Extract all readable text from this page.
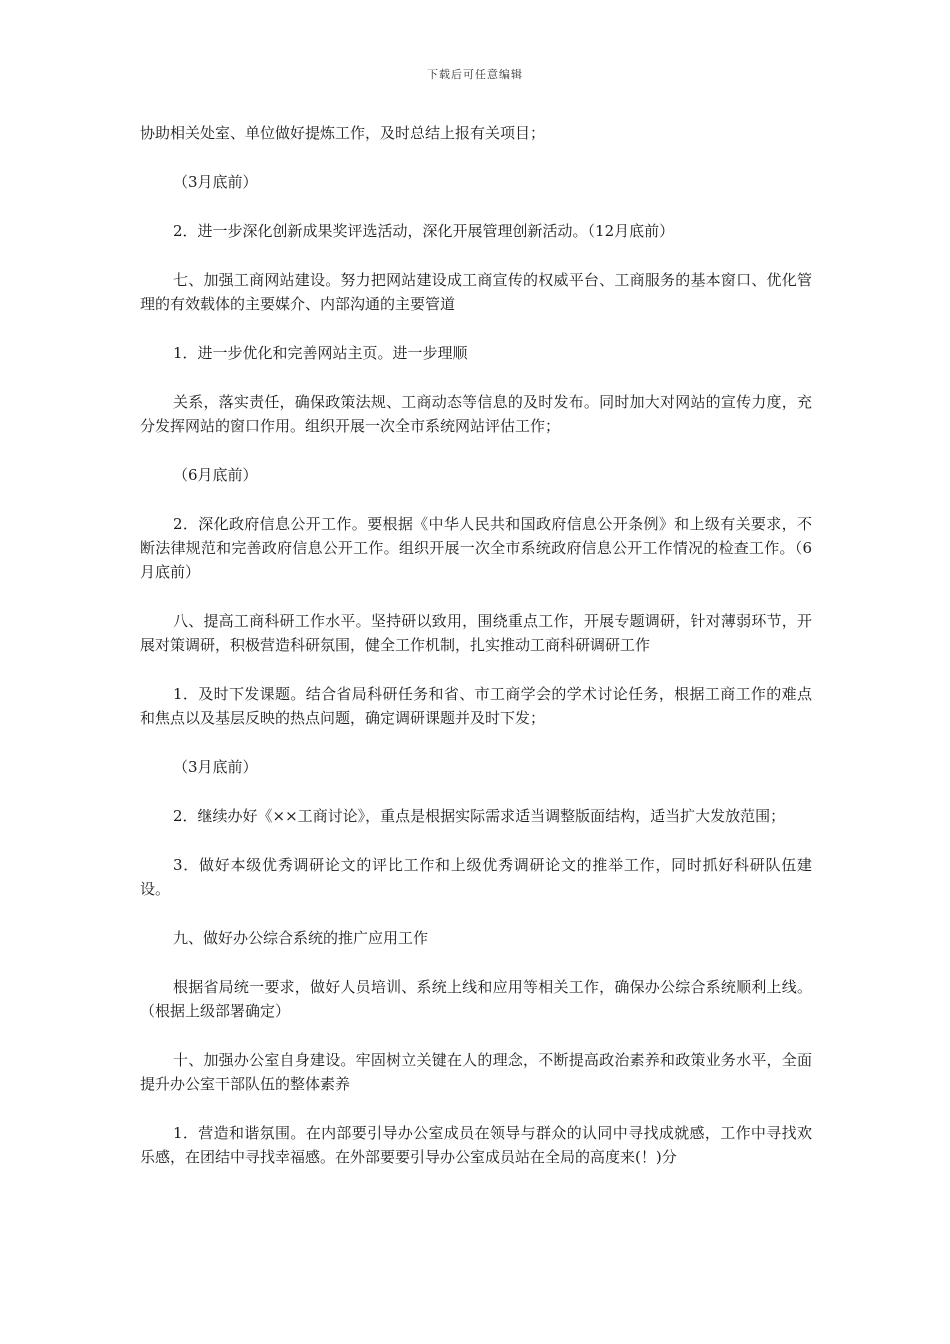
下载后可任意编辑

协助相关处室、单位做好提炼工作，及时总结上报有关项目；

（3月底前）

2．进一步深化创新成果奖评选活动，深化开展管理创新活动。（12月底前）

七、加强工商网站建设。努力把网站建设成工商宣传的权威平台、工商服务的基本窗口、优化管理的有效载体的主要媒介、内部沟通的主要管道

1．进一步优化和完善网站主页。进一步理顺

关系，落实责任，确保政策法规、工商动态等信息的及时发布。同时加大对网站的宣传力度，充分发挥网站的窗口作用。组织开展一次全市系统网站评估工作；

（6月底前）

2．深化政府信息公开工作。要根据《中华人民共和国政府信息公开条例》和上级有关要求，不断法律规范和完善政府信息公开工作。组织开展一次全市系统政府信息公开工作情况的检查工作。（6月底前）

八、提高工商科研工作水平。坚持研以致用，围绕重点工作，开展专题调研，针对薄弱环节，开展对策调研，积极营造科研氛围，健全工作机制，扎实推动工商科研调研工作

1．及时下发课题。结合省局科研任务和省、市工商学会的学术讨论任务，根据工商工作的难点和焦点以及基层反映的热点问题，确定调研课题并及时下发；

（3月底前）

2．继续办好《××工商讨论》，重点是根据实际需求适当调整版面结构，适当扩大发放范围；

3．做好本级优秀调研论文的评比工作和上级优秀调研论文的推举工作，同时抓好科研队伍建设。

九、做好办公综合系统的推广应用工作

根据省局统一要求，做好人员培训、系统上线和应用等相关工作，确保办公综合系统顺利上线。（根据上级部署确定）

十、加强办公室自身建设。牢固树立关键在人的理念，不断提高政治素养和政策业务水平，全面提升办公室干部队伍的整体素养

1．营造和谐氛围。在内部要引导办公室成员在领导与群众的认同中寻找成就感，工作中寻找欢乐感，在团结中寻找幸福感。在外部要要引导办公室成员站在全局的高度来(！)分
